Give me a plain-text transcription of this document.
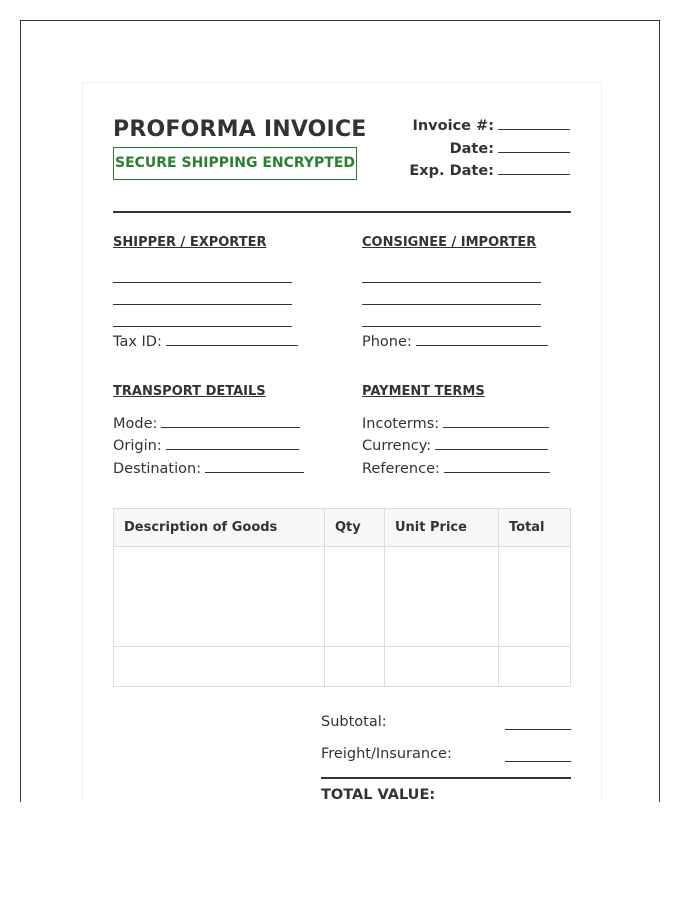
PROFORMA INVOICE
SECURE SHIPPING ENCRYPTED
Invoice #:
Date:
Exp. Date:
SHIPPER / EXPORTER
Tax ID:
CONSIGNEE / IMPORTER
Phone:
TRANSPORT DETAILS
Mode:
Origin:
Destination:
PAYMENT TERMS
Incoterms:
Currency:
Reference:
Description of Goods	Qty	Unit Price	Total

Subtotal:
Freight/Insurance:
TOTAL VALUE:
